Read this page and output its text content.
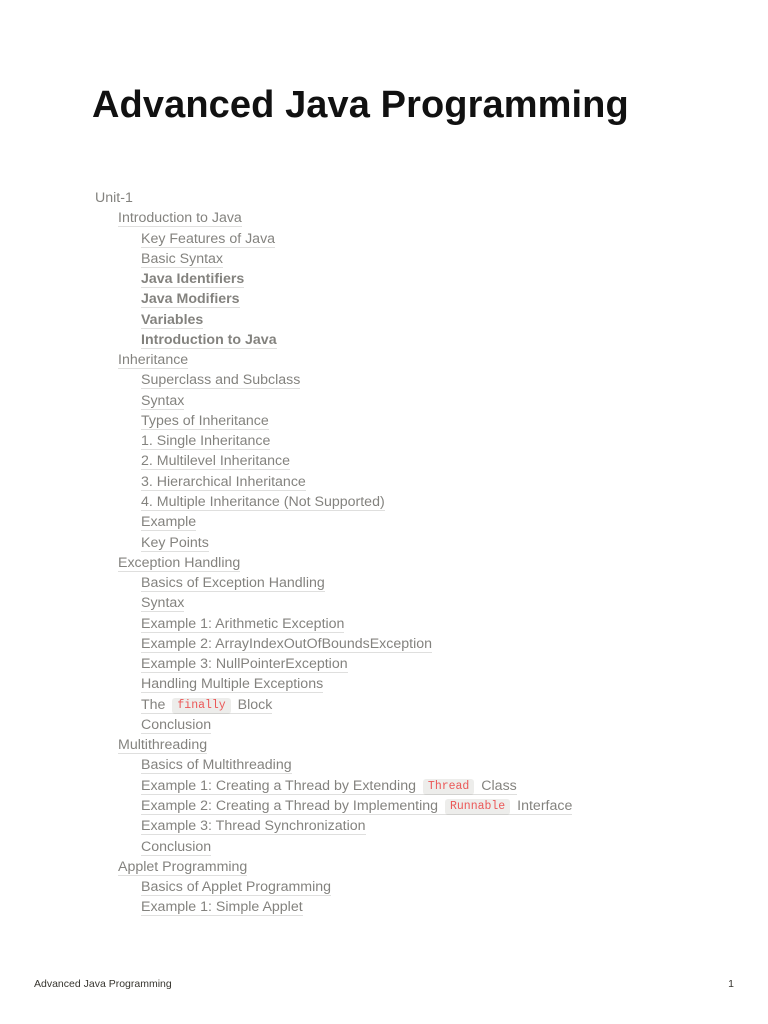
Advanced Java Programming
Unit-1
Introduction to Java
Key Features of Java
Basic Syntax
Java Identifiers
Java Modifiers
Variables
Introduction to Java
Inheritance
Superclass and Subclass
Syntax
Types of Inheritance
1. Single Inheritance
2. Multilevel Inheritance
3. Hierarchical Inheritance
4. Multiple Inheritance (Not Supported)
Example
Key Points
Exception Handling
Basics of Exception Handling
Syntax
Example 1: Arithmetic Exception
Example 2: ArrayIndexOutOfBoundsException
Example 3: NullPointerException
Handling Multiple Exceptions
The finally Block
Conclusion
Multithreading
Basics of Multithreading
Example 1: Creating a Thread by Extending Thread Class
Example 2: Creating a Thread by Implementing Runnable Interface
Example 3: Thread Synchronization
Conclusion
Applet Programming
Basics of Applet Programming
Example 1: Simple Applet
Advanced Java Programming	1
